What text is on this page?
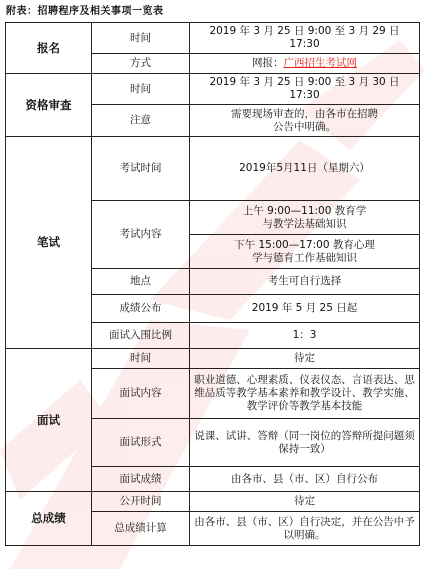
附表：招聘程序及相关事项一览表
报名	时间	2019 年 3 月 25 日 9:00 至 3 月 29 日 17:30
	方式	网报：广西招生考试网
资格审查	时间	2019 年 3 月 25 日 9:00 至 3 月 30 日 17:30
	注意	需要现场审查的，由各市在招聘公告中明确。
笔试	考试时间	2019年5月11日（星期六）
	考试内容	上午 9:00—11:00 教育学与教学法基础知识
		下午 15:00—17:00 教育心理学与德育工作基础知识
	地点	考生可自行选择
	成绩公布	2019 年 5 月 25 日起
	面试入围比例	1：3
面试	时间	待定
	面试内容	职业道德、心理素质、仪表仪态、言语表达、思维品质等教学基本素养和教学设计、教学实施、教学评价等教学基本技能
	面试形式	说课、试讲、答辩（同一岗位的答辩所提问题须保持一致）
	面试成绩	由各市、县（市、区）自行公布
总成绩	公开时间	待定
	总成绩计算	由各市、县（市、区）自行决定，并在公告中予以明确。
